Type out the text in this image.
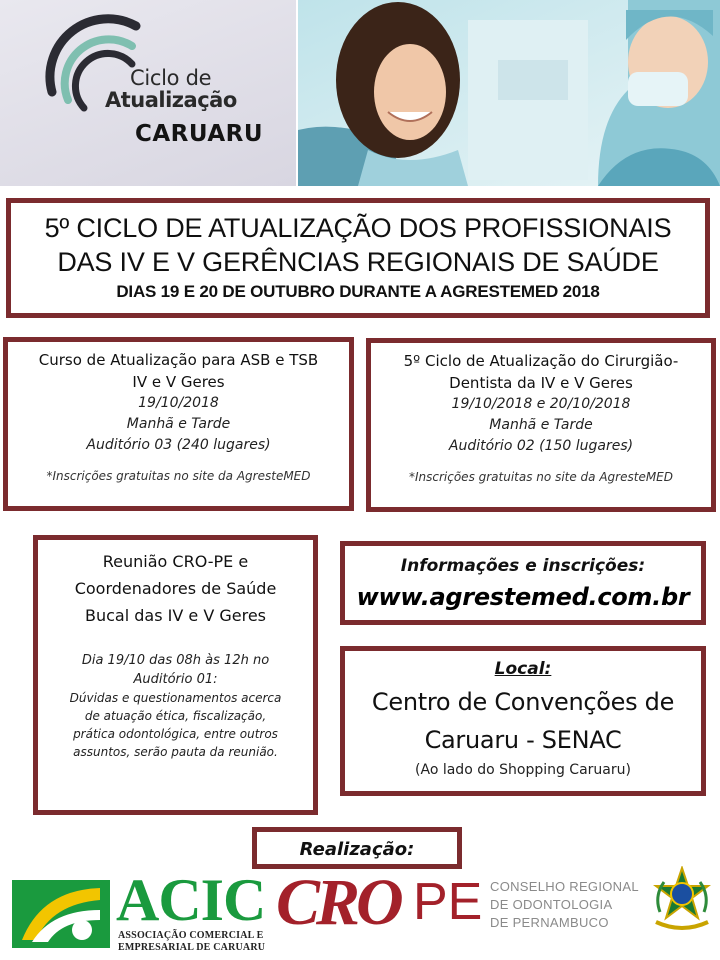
Ciclo de
Atualização
CARUARU
5º CICLO DE ATUALIZAÇÃO DOS PROFISSIONAIS
DAS IV E V GERÊNCIAS REGIONAIS DE SAÚDE
DIAS 19 E 20 DE OUTUBRO DURANTE A AGRESTEMED 2018
Curso de Atualização para ASB e TSB
IV e V Geres
19/10/2018
Manhã e Tarde
Auditório 03 (240 lugares)
*Inscrições gratuitas no site da AgresteMED
5º Ciclo de Atualização do Cirurgião-
Dentista da IV e V Geres
19/10/2018 e 20/10/2018
Manhã e Tarde
Auditório 02 (150 lugares)
*Inscrições gratuitas no site da AgresteMED
Reunião CRO-PE e
Coordenadores de Saúde
Bucal das IV e V Geres
Dia 19/10 das 08h às 12h no
Auditório 01:
Dúvidas e questionamentos acerca
de atuação ética, fiscalização,
prática odontológica, entre outros
assuntos, serão pauta da reunião.
Informações e inscrições:
www.agrestemed.com.br
Local:
Centro de Convenções de
Caruaru - SENAC
(Ao lado do Shopping Caruaru)
Realização:
ACIC
ASSOCIAÇÃO COMERCIAL E
EMPRESARIAL DE CARUARU
CRO PE CONSELHO REGIONAL
DE ODONTOLOGIA
DE PERNAMBUCO
